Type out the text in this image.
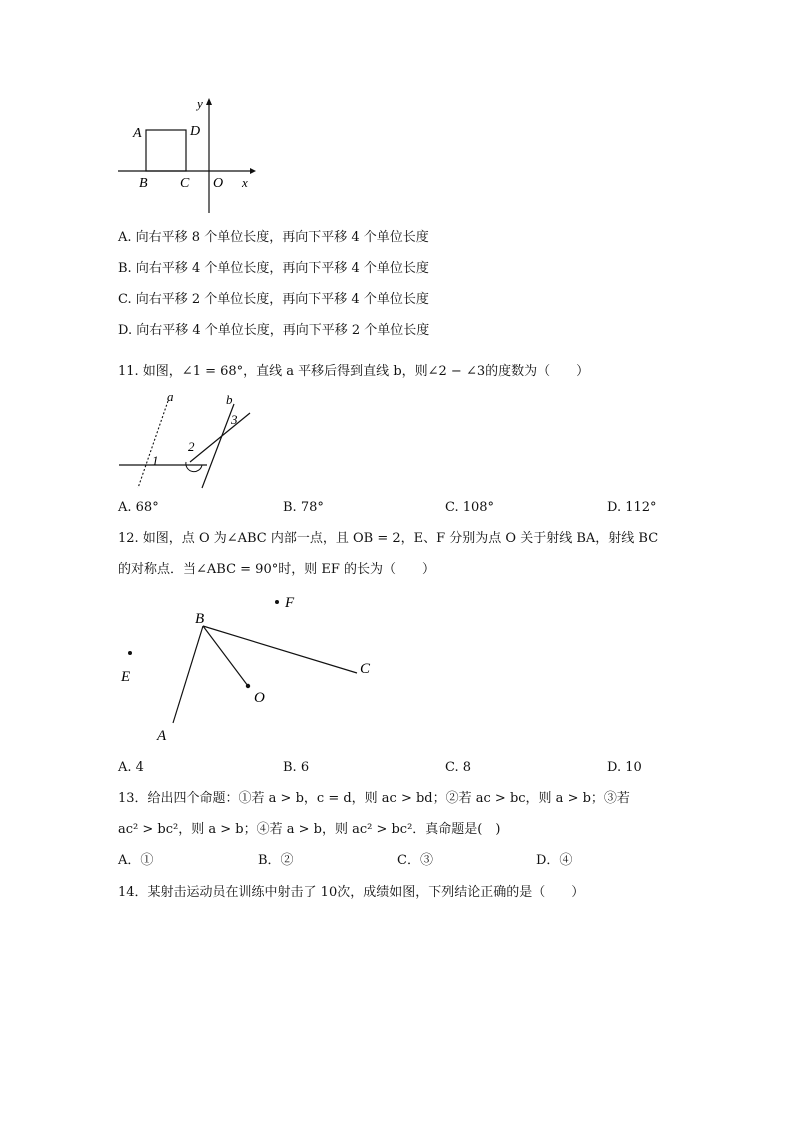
y
A	D
B C O x
A. 向右平移 8 个单位长度，再向下平移 4 个单位长度
B. 向右平移 4 个单位长度，再向下平移 4 个单位长度
C. 向右平移 2 个单位长度，再向下平移 4 个单位长度
D. 向右平移 4 个单位长度，再向下平移 2 个单位长度
11. 如图，∠1 = 68°，直线 a 平移后得到直线 b，则∠2 − ∠3的度数为（　　）
a	b
1
2
3
A. 68°	B. 78°	C. 108°	D. 112°
12. 如图，点 O 为∠ABC 内部一点，且 OB = 2，E、F 分别为点 O 关于射线 BA，射线 BC
的对称点．当∠ABC = 90°时，则 EF 的长为（　　）
B
F
E	C
O
A
A. 4	B. 6	C. 8	D. 10
13．给出四个命题：①若 a > b，c = d，则 ac > bd；②若 ac > bc，则 a > b；③若
ac² > bc²，则 a > b；④若 a > b，则 ac² > bc²．真命题是(　)
A．①	B．②	C．③	D．④
14．某射击运动员在训练中射击了 10次，成绩如图，下列结论正确的是（　　）
